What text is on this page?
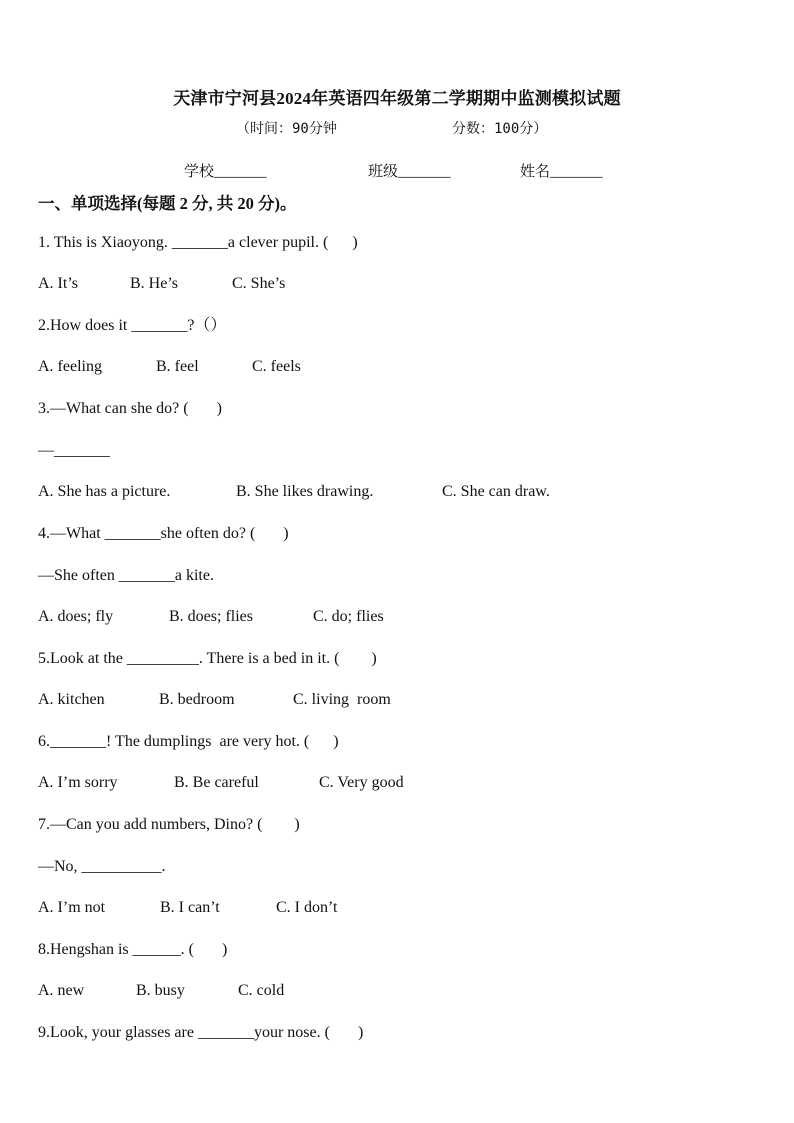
天津市宁河县2024年英语四年级第二学期期中监测模拟试题
（时间：90分钟	分数：100分）
学校_______	班级_______	姓名_______
一、单项选择(每题 2 分, 共 20 分)。
1. This is Xiaoyong. _______a clever pupil. (      )
A. It’s	B. He’s	C. She’s
2.How does it _______?（）
A. feeling	B. feel	C. feels
3.—What can she do? (       )
—_______
A. She has a picture.	B. She likes drawing.	C. She can draw.
4.—What _______she often do? (       )
—She often _______a kite.
A. does; fly	B. does; flies	C. do; flies
5.Look at the _________. There is a bed in it. (        )
A. kitchen	B. bedroom	C. living  room
6._______! The dumplings  are very hot. (      )
A. I’m sorry	B. Be careful	C. Very good
7.—Can you add numbers, Dino? (        )
—No, __________.
A. I’m not	B. I can’t	C. I don’t
8.Hengshan is ______. (       )
A. new	B. busy	C. cold
9.Look, your glasses are _______your nose. (       )
